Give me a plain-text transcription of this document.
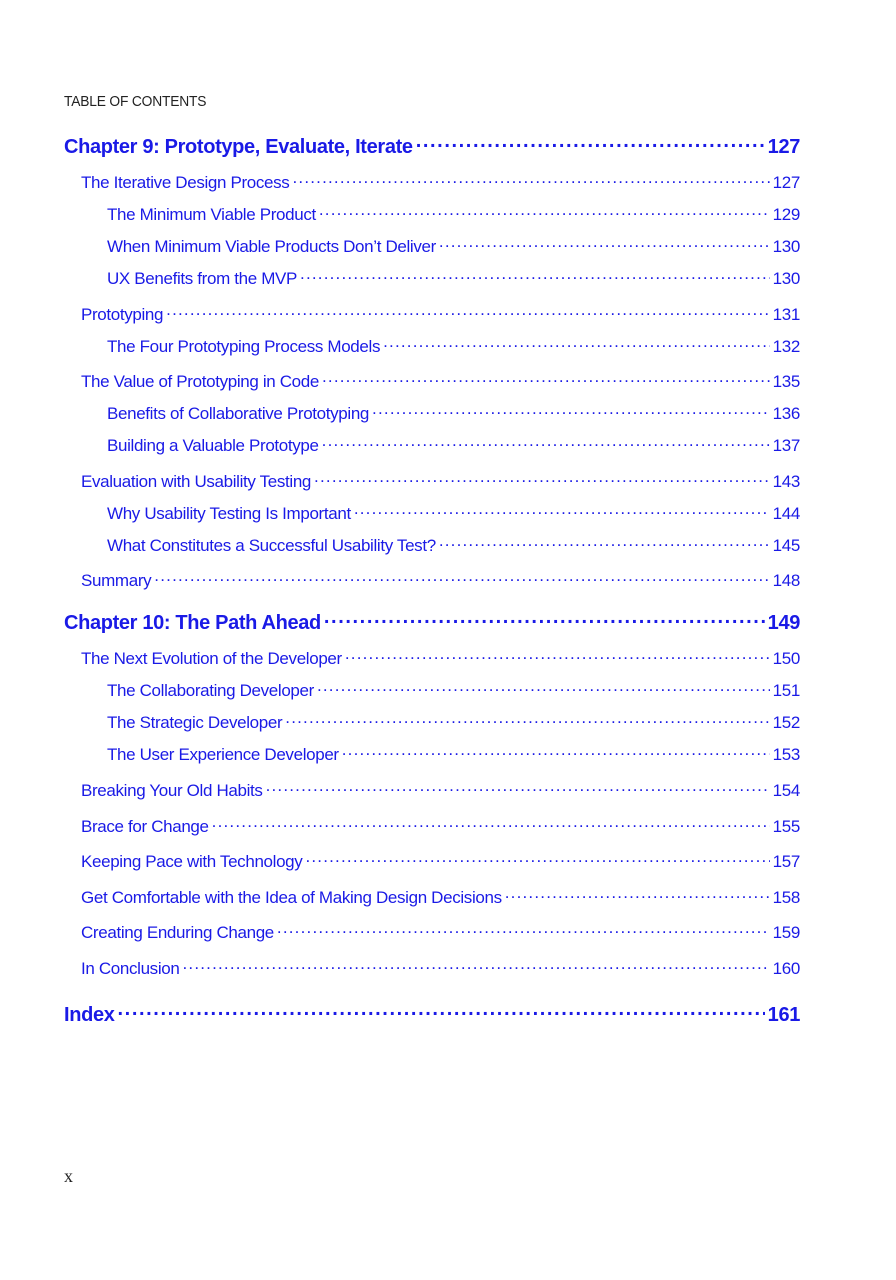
TABLE OF CONTENTS
Chapter 9: Prototype, Evaluate, Iterate .....	127
The Iterative Design Process .....	127
The Minimum Viable Product .....	129
When Minimum Viable Products Don’t Deliver .....	130
UX Benefits from the MVP .....	130
Prototyping .....	131
The Four Prototyping Process Models .....	132
The Value of Prototyping in Code .....	135
Benefits of Collaborative Prototyping .....	136
Building a Valuable Prototype .....	137
Evaluation with Usability Testing .....	143
Why Usability Testing Is Important .....	144
What Constitutes a Successful Usability Test? .....	145
Summary .....	148
Chapter 10: The Path Ahead .....	149
The Next Evolution of the Developer .....	150
The Collaborating Developer .....	151
The Strategic Developer .....	152
The User Experience Developer .....	153
Breaking Your Old Habits .....	154
Brace for Change .....	155
Keeping Pace with Technology .....	157
Get Comfortable with the Idea of Making Design Decisions .....	158
Creating Enduring Change .....	159
In Conclusion .....	160
Index .....	161
x
